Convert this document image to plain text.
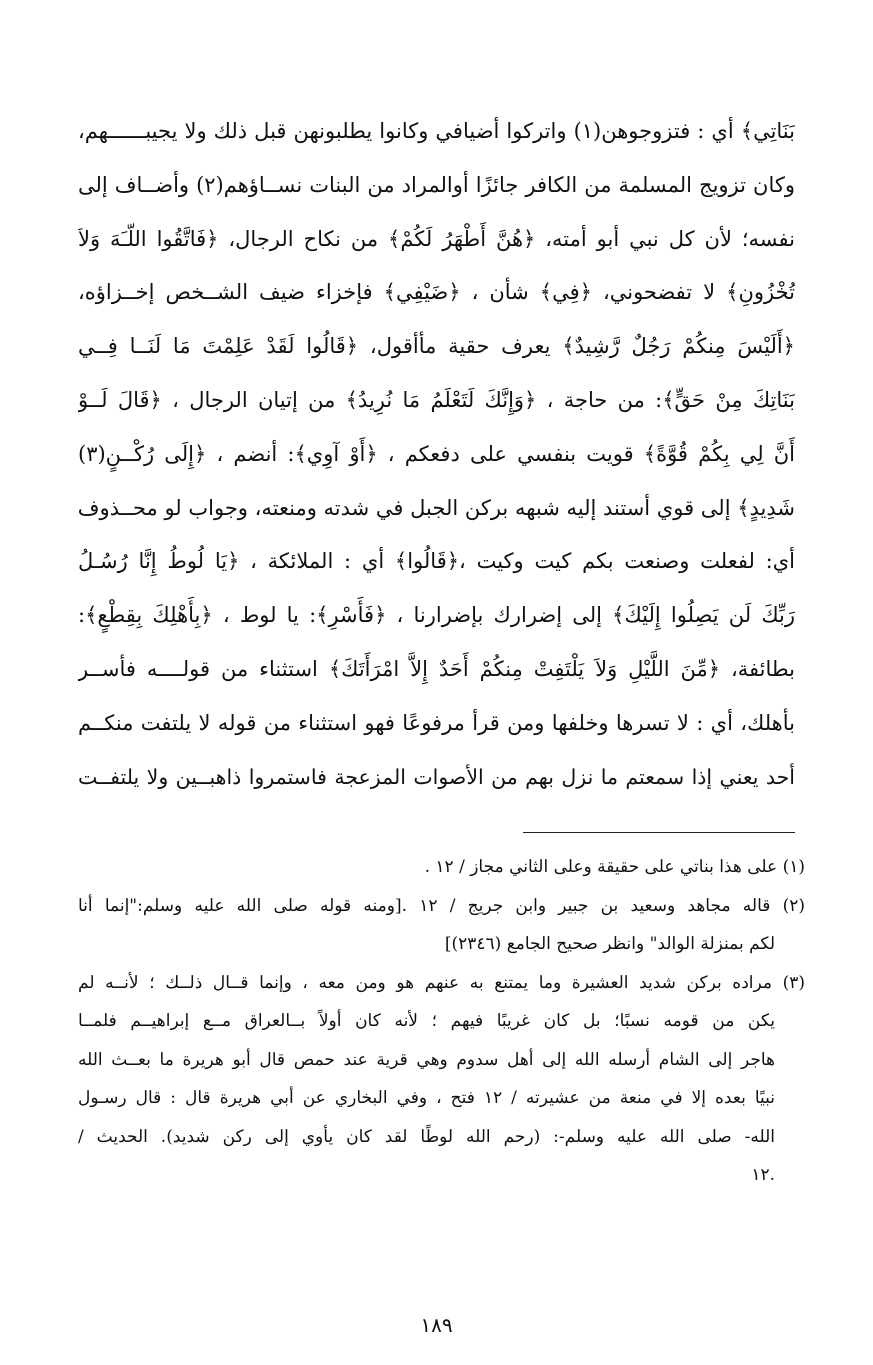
بَنَاتِي﴾ أي : فتزوجوهن(١) واتركوا أضيافي وكانوا يطلبونهن قبل ذلك ولا يجيبــــــهم،
وكان تزويج المسلمة من الكافر جائزًا أوالمراد من البنات نســاؤهم(٢) وأضــاف إلى
نفسه؛ لأن كل نبي أبو أمته، ﴿هُنَّ أَطْهَرُ لَكُمْ﴾ من نكاح الرجال، ﴿فَاتَّقُوا اللّـَهَ وَلاَ
تُخْزُونِ﴾ لا تفضحوني، ﴿فِي﴾ شأن ، ﴿ضَيْفِي﴾ فإخزاء ضيف الشــخص إخــزاؤه،
﴿أَلَيْسَ مِنكُمْ رَجُلٌ رَّشِيدٌ﴾ يعرف حقية مأأقول، ﴿قَالُوا لَقَدْ عَلِمْتَ مَا لَنَــا فِــي
بَنَاتِكَ مِنْ حَقٍّ﴾: من حاجة ، ﴿وَإِنَّكَ لَتَعْلَمُ مَا نُرِيدُ﴾ من إتيان الرجال ، ﴿قَالَ لَــوْ
أَنَّ لِي بِكُمْ قُوَّةً﴾ قويت بنفسي على دفعكم ، ﴿أَوْ آوِي﴾: أنضم ، ﴿إِلَى رُكْــنٍ(٣)
شَدِيدٍ﴾ إلى قوي أستند إليه شبهه بركن الجبل في شدته ومنعته، وجواب لو محــذوف
أي: لفعلت وصنعت بكم كيت وكيت ،﴿قَالُوا﴾ أي : الملائكة ، ﴿يَا لُوطُ إِنَّا رُسُـلُ
رَبِّكَ لَن يَصِلُوا إِلَيْكَ﴾ إلى إضرارك بإضرارنا ، ﴿فَأَسْرِ﴾: يا لوط ، ﴿بِأَهْلِكَ بِقِطْعٍ﴾:
بطائفة، ﴿مِّنَ اللَّيْلِ وَلاَ يَلْتَفِتْ مِنكُمْ أَحَدٌ إِلاَّ امْرَأَتَكَ﴾ استثناء من قولــــه فأســر
بأهلك، أي : لا تسرها وخلفها ومن قرأ مرفوعًا فهو استثناء من قوله لا يلتفت منكــم
أحد يعني إذا سمعتم ما نزل بهم من الأصوات المزعجة فاستمروا ذاهبــين ولا يلتفــت
(١) على هذا بناتي على حقيقة وعلى الثاني مجاز / ١٢ .
(٢) قاله مجاهد وسعيد بن جبير وابن جريج / ١٢ .[ومنه قوله صلى الله عليه وسلم:"إنما أنا
لكم بمنزلة الوالد" وانظر صحيح الجامع (٢٣٤٦)]
(٣) مراده بركن شديد العشيرة وما يمتنع به عنهم هو ومن معه ، وإنما قــال ذلــك ؛ لأنــه لم
يكن من قومه نسبًا؛ بل كان غريبًا فيهم ؛ لأنه كان أولاً بــالعراق مــع إبراهيــم فلمــا
هاجر إلى الشام أرسله الله إلى أهل سدوم وهي قرية عند حمص قال أبو هريرة ما بعــث الله
نبيًا بعده إلا في منعة من عشيرته / ١٢ فتح ، وفي البخاري عن أبي هريرة قال : قال رسـول
الله- صلى الله عليه وسلم-: (رحم الله لوطًا لقد كان يأوي إلى ركن شديد). الحديث /
.١٢
١٨٩
